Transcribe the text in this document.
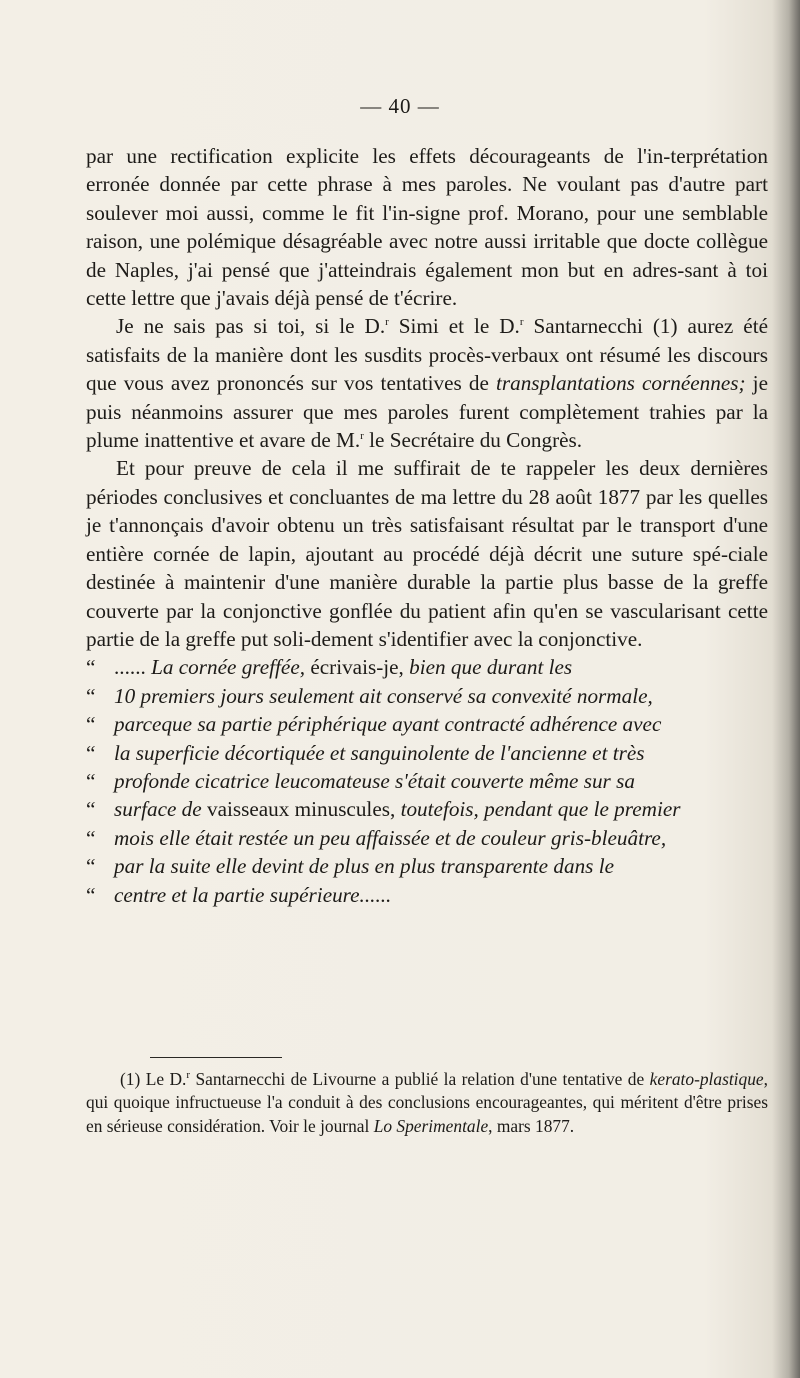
— 40 —

par une rectification explicite les effets décourageants de l'in-terprétation erronée donnée par cette phrase à mes paroles. Ne voulant pas d'autre part soulever moi aussi, comme le fit l'in-signe prof. Morano, pour une semblable raison, une polémique désagréable avec notre aussi irritable que docte collègue de Naples, j'ai pensé que j'atteindrais également mon but en adres-sant à toi cette lettre que j'avais déjà pensé de t'écrire.

Je ne sais pas si toi, si le D.$^r$ Simi et le D.$^r$ Santarnecchi (1) aurez été satisfaits de la manière dont les susdits procès-verbaux ont résumé les discours que vous avez prononcés sur vos tentatives de transplantations cornéennes; je puis néanmoins assurer que mes paroles furent complètement trahies par la plume inattentive et avare de M.$^r$ le Secrétaire du Congrès.

Et pour preuve de cela il me suffirait de te rappeler les deux dernières périodes conclusives et concluantes de ma lettre du 28 août 1877 par les quelles je t'annonçais d'avoir obtenu un très satisfaisant résultat par le transport d'une entière cornée de lapin, ajoutant au procédé déjà décrit une suture spé-ciale destinée à maintenir d'une manière durable la partie plus basse de la greffe couverte par la conjonctive gonflée du patient afin qu'en se vascularisant cette partie de la greffe put soli-dement s'identifier avec la conjonctive.

“ ...... La cornée greffée, écrivais-je, bien que durant les
“ 10 premiers jours seulement ait conservé sa convexité normale,
“ parceque sa partie périphérique ayant contracté adhérence avec
“ la superficie décortiquée et sanguinolente de l'ancienne et très
“ profonde cicatrice leucomateuse s'était couverte même sur sa
“ surface de vaisseaux minuscules, toutefois, pendant que le premier
“ mois elle était restée un peu affaissée et de couleur gris-bleuâtre,
“ par la suite elle devint de plus en plus transparente dans le
“ centre et la partie supérieure......

(1) Le D.$^r$ Santarnecchi de Livourne a publié la relation d'une tentative de kerato-plastique, qui quoique infructueuse l'a conduit à des conclusions encourageantes, qui méritent d'être prises en sérieuse considération. Voir le journal Lo Sperimentale, mars 1877.
